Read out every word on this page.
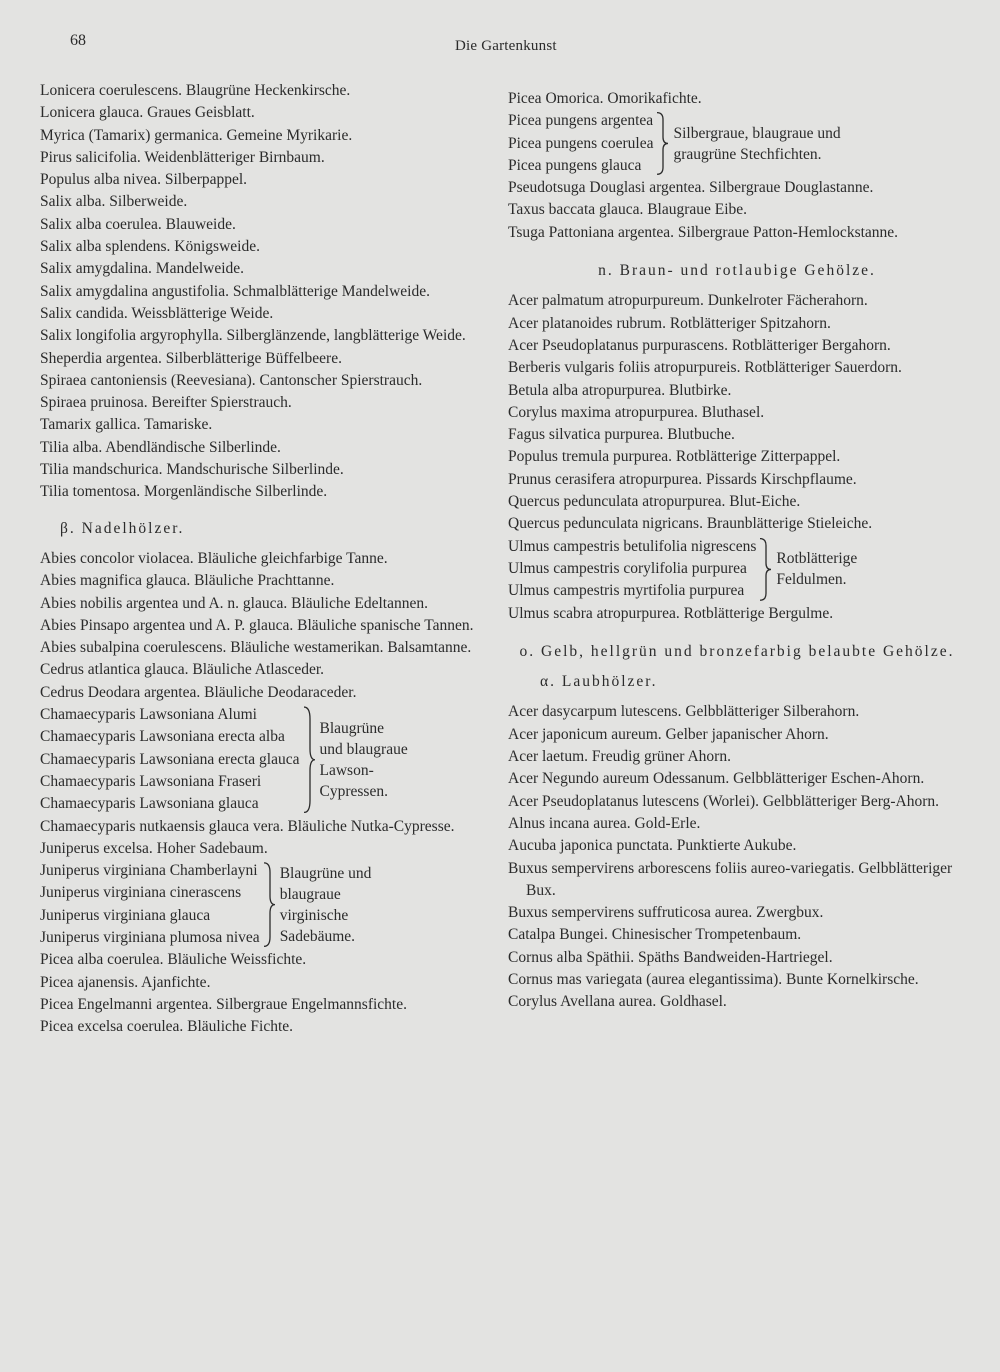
68	Die Gartenkunst

Lonicera coerulescens. Blaugrüne Heckenkirsche.

Lonicera glauca. Graues Geisblatt.

Myrica (Tamarix) germanica. Gemeine Myrikarie.

Pirus salicifolia. Weidenblätteriger Birnbaum.

Populus alba nivea. Silberpappel.

Salix alba. Silberweide.

Salix alba coerulea. Blauweide.

Salix alba splendens. Königsweide.

Salix amygdalina. Mandelweide.

Salix amygdalina angustifolia. Schmalblätterige Mandelweide.

Salix candida. Weissblätterige Weide.

Salix longifolia argyrophylla. Silberglänzende, langblätterige Weide.

Sheperdia argentea. Silberblätterige Büffelbeere.

Spiraea cantoniensis (Reevesiana). Cantonscher Spierstrauch.

Spiraea pruinosa. Bereifter Spierstrauch.

Tamarix gallica. Tamariske.

Tilia alba. Abendländische Silberlinde.

Tilia mandschurica. Mandschurische Silberlinde.

Tilia tomentosa. Morgenländische Silberlinde.

β. Nadelhölzer.

Abies concolor violacea. Bläuliche gleichfarbige Tanne.

Abies magnifica glauca. Bläuliche Prachttanne.

Abies nobilis argentea und A. n. glauca. Bläuliche Edeltannen.

Abies Pinsapo argentea und A. P. glauca. Bläuliche spanische Tannen.

Abies subalpina coerulescens. Bläuliche westamerikan. Balsamtanne.

Cedrus atlantica glauca. Bläuliche Atlasceder.

Cedrus Deodara argentea. Bläuliche Deodaraceder.

Chamaecyparis Lawsoniana Alumi
Chamaecyparis Lawsoniana erecta alba
Chamaecyparis Lawsoniana erecta glauca
Chamaecyparis Lawsoniana Fraseri
Chamaecyparis Lawsoniana glauca
Blaugrüne und blaugraue Lawson-Cypressen.

Chamaecyparis nutkaensis glauca vera. Bläuliche Nutka-Cypresse.

Juniperus excelsa. Hoher Sadebaum.

Juniperus virginiana Chamberlayni
Juniperus virginiana cinerascens
Juniperus virginiana glauca
Juniperus virginiana plumosa nivea
Blaugrüne und blaugraue virginische Sadebäume.

Picea alba coerulea. Bläuliche Weissfichte.

Picea ajanensis. Ajanfichte.

Picea Engelmanni argentea. Silbergraue Engelmannsfichte.

Picea excelsa coerulea. Bläuliche Fichte.

Picea Omorica. Omorikafichte.

Picea pungens argentea
Picea pungens coerulea
Picea pungens glauca
Silbergraue, blaugraue und graugrüne Stechfichten.

Pseudotsuga Douglasi argentea. Silbergraue Douglastanne.

Taxus baccata glauca. Blaugraue Eibe.

Tsuga Pattoniana argentea. Silbergraue Patton-Hemlockstanne.

n. Braun- und rotlaubige Gehölze.

Acer palmatum atropurpureum. Dunkelroter Fächerahorn.

Acer platanoides rubrum. Rotblätteriger Spitzahorn.

Acer Pseudoplatanus purpurascens. Rotblätteriger Bergahorn.

Berberis vulgaris foliis atropurpureis. Rotblätteriger Sauerdorn.

Betula alba atropurpurea. Blutbirke.

Corylus maxima atropurpurea. Bluthasel.

Fagus silvatica purpurea. Blutbuche.

Populus tremula purpurea. Rotblätterige Zitterpappel.

Prunus cerasifera atropurpurea. Pissards Kirschpflaume.

Quercus pedunculata atropurpurea. Blut-Eiche.

Quercus pedunculata nigricans. Braunblätterige Stieleiche.

Ulmus campestris betulifolia nigrescens
Ulmus campestris corylifolia purpurea
Ulmus campestris myrtifolia purpurea
Rotblätterige Feldulmen.

Ulmus scabra atropurpurea. Rotblätterige Bergulme.

o. Gelb, hellgrün und bronzefarbig belaubte Gehölze.

α. Laubhölzer.

Acer dasycarpum lutescens. Gelbblätteriger Silberahorn.

Acer japonicum aureum. Gelber japanischer Ahorn.

Acer laetum. Freudig grüner Ahorn.

Acer Negundo aureum Odessanum. Gelbblätteriger Eschen-Ahorn.

Acer Pseudoplatanus lutescens (Worlei). Gelbblätteriger Berg-Ahorn.

Alnus incana aurea. Gold-Erle.

Aucuba japonica punctata. Punktierte Aukube.

Buxus sempervirens arborescens foliis aureo-variegatis. Gelbblätteriger Bux.

Buxus sempervirens suffruticosa aurea. Zwergbux.

Catalpa Bungei. Chinesischer Trompetenbaum.

Cornus alba Späthii. Späths Bandweiden-Hartriegel.

Cornus mas variegata (aurea elegantissima). Bunte Kornelkirsche.

Corylus Avellana aurea. Goldhasel.
